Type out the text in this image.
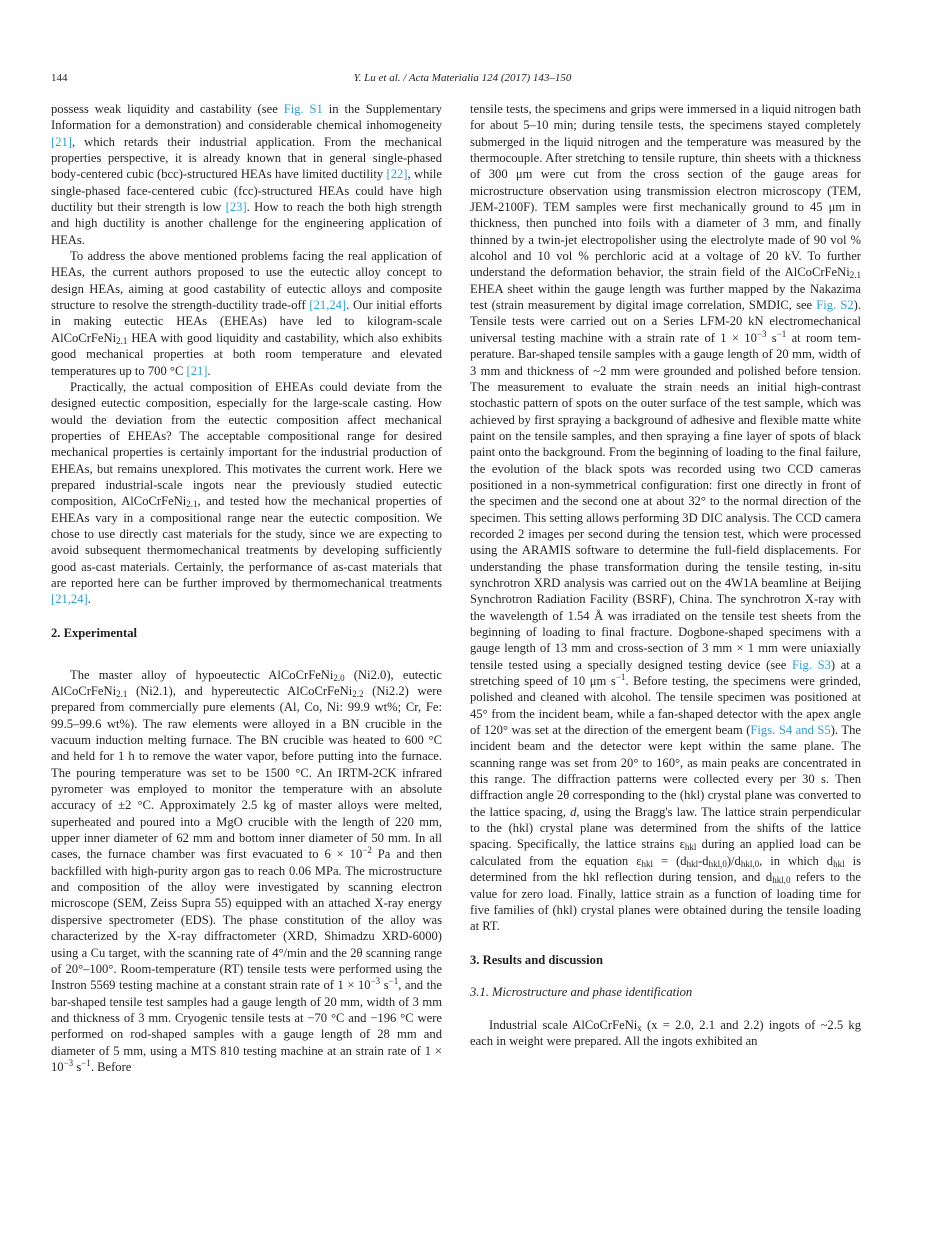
144	Y. Lu et al. / Acta Materialia 124 (2017) 143–150

possess weak liquidity and castability (see Fig. S1 in the Supplementary Information for a demonstration) and considerable chemical inhomogeneity [21], which retards their industrial application. From the mechanical properties perspective, it is already known that in general single-phased body-centered cubic (bcc)-structured HEAs have limited ductility [22], while single-phased face-centered cubic (fcc)-structured HEAs could have high ductility but their strength is low [23]. How to reach the both high strength and high ductility is another challenge for the engineering application of HEAs.

To address the above mentioned problems facing the real application of HEAs, the current authors proposed to use the eutectic alloy concept to design HEAs, aiming at good castability of eutectic alloys and composite structure to resolve the strength-ductility trade-off [21,24]. Our initial efforts in making eutectic HEAs (EHEAs) have led to kilogram-scale AlCoCrFeNi$_{2.1}$ HEA with good liquidity and castability, which also exhibits good mechanical properties at both room temperature and elevated temperatures up to 700 °C [21].

Practically, the actual composition of EHEAs could deviate from the designed eutectic composition, especially for the large-scale casting. How would the deviation from the eutectic composition affect mechanical properties of EHEAs? The acceptable compositional range for desired mechanical properties is certainly important for the industrial production of EHEAs, but remains unexplored. This motivates the current work. Here we prepared industrial-scale ingots near the previously studied eutectic composition, AlCoCrFeNi$_{2.1}$, and tested how the mechanical properties of EHEAs vary in a compositional range near the eutectic composition. We chose to use directly cast materials for the study, since we are expecting to avoid subsequent thermomechanical treatments by developing sufficiently good as-cast materials. Certainly, the performance of as-cast materials that are reported here can be further improved by thermomechanical treatments [21,24].

2. Experimental

The master alloy of hypoeutectic AlCoCrFeNi$_{2.0}$ (Ni2.0), eutectic AlCoCrFeNi$_{2.1}$ (Ni2.1), and hypereutectic AlCoCrFeNi$_{2.2}$ (Ni2.2) were prepared from commercially pure elements (Al, Co, Ni: 99.9 wt%; Cr, Fe: 99.5–99.6 wt%). The raw elements were alloyed in a BN crucible in the vacuum induction melting furnace. The BN crucible was heated to 600 °C and held for 1 h to remove the water vapor, before putting into the furnace. The pouring temperature was set to be 1500 °C. An IRTM-2CK infrared pyrometer was employed to monitor the temperature with an absolute accuracy of ±2 °C. Approximately 2.5 kg of master alloys were melted, superheated and poured into a MgO crucible with the length of 220 mm, upper inner diameter of 62 mm and bottom inner diameter of 50 mm. In all cases, the furnace chamber was first evacuated to $6 \times 10^{-2}$ Pa and then backfilled with high-purity argon gas to reach 0.06 MPa. The microstructure and composition of the alloy were investigated by scanning electron microscope (SEM, Zeiss Supra 55) equipped with an attached X-ray energy dispersive spectrometer (EDS). The phase constitution of the alloy was characterized by the X-ray diffractometer (XRD, Shimadzu XRD-6000) using a Cu target, with the scanning rate of 4°/min and the 2θ scanning range of 20°–100°. Room-temperature (RT) tensile tests were performed using the Instron 5569 testing machine at a constant strain rate of $1 \times 10^{-3}$ $s^{-1}$, and the bar-shaped tensile test samples had a gauge length of 20 mm, width of 3 mm and thickness of 3 mm. Cryogenic tensile tests at −70 °C and −196 °C were performed on rod-shaped samples with a gauge length of 28 mm and diameter of 5 mm, using a MTS 810 testing machine at an strain rate of $1 \times 10^{-3}$ $s^{-1}$. Before

tensile tests, the specimens and grips were immersed in a liquid nitrogen bath for about 5–10 min; during tensile tests, the specimens stayed completely submerged in the liquid nitrogen and the temperature was measured by the thermocouple. After stretching to tensile rupture, thin sheets with a thickness of 300 μm were cut from the cross section of the gauge areas for microstructure observation using transmission electron microscopy (TEM, JEM-2100F). TEM samples were first mechanically ground to 45 μm in thickness, then punched into foils with a diameter of 3 mm, and finally thinned by a twin-jet electropolisher using the electrolyte made of 90 vol % alcohol and 10 vol % perchloric acid at a voltage of 20 kV. To further understand the deformation behavior, the strain field of the AlCoCrFeNi$_{2.1}$ EHEA sheet within the gauge length was further mapped by the Nakazima test (strain measurement by digital image correlation, SMDIC, see Fig. S2). Tensile tests were carried out on a Series LFM-20 kN electromechanical universal testing machine with a strain rate of $1 \times 10^{-3}$ $s^{-1}$ at room temperature. Bar-shaped tensile samples with a gauge length of 20 mm, width of 3 mm and thickness of ~2 mm were grounded and polished before tension. The measurement to evaluate the strain needs an initial high-contrast stochastic pattern of spots on the outer surface of the test sample, which was achieved by first spraying a background of adhesive and flexible matte white paint on the tensile samples, and then spraying a fine layer of spots of black paint onto the background. From the beginning of loading to the final failure, the evolution of the black spots was recorded using two CCD cameras positioned in a non-symmetrical configuration: first one directly in front of the specimen and the second one at about 32° to the normal direction of the specimen. This setting allows performing 3D DIC analysis. The CCD camera recorded 2 images per second during the tension test, which were processed using the ARAMIS software to determine the full-field displacements. For understanding the phase transformation during the tensile testing, in-situ synchrotron XRD analysis was carried out on the 4W1A beamline at Beijing Synchrotron Radiation Facility (BSRF), China. The synchrotron X-ray with the wavelength of 1.54 Å was irradiated on the tensile test sheets from the beginning of loading to final fracture. Dogbone-shaped specimens with a gauge length of 13 mm and cross-section of 3 mm × 1 mm were uniaxially tensile tested using a specially designed testing device (see Fig. S3) at a stretching speed of 10 μm $s^{-1}$. Before testing, the specimens were grinded, polished and cleaned with alcohol. The tensile specimen was positioned at 45° from the incident beam, while a fan-shaped detector with the apex angle of 120° was set at the direction of the emergent beam (Figs. S4 and S5). The incident beam and the detector were kept within the same plane. The scanning range was set from 20° to 160°, as main peaks are concentrated in this range. The diffraction patterns were collected every per 30 s. Then diffraction angle 2θ corresponding to the (hkl) crystal plane was converted to the lattice spacing, d, using the Bragg's law. The lattice strain perpendicular to the (hkl) crystal plane was determined from the shifts of the lattice spacing. Specifically, the lattice strains $\varepsilon_{hkl}$ during an applied load can be calculated from the equation $\varepsilon_{hkl} = (d_{hkl}-d_{hkl,0})/d_{hkl,0}$, in which $d_{hkl}$ is determined from the hkl reflection during tension, and $d_{hkl,0}$ refers to the value for zero load. Finally, lattice strain as a function of loading time for five families of (hkl) crystal planes were obtained during the tensile loading at RT.

3. Results and discussion
3.1. Microstructure and phase identification

Industrial scale AlCoCrFeNi$_x$ (x = 2.0, 2.1 and 2.2) ingots of ~2.5 kg each in weight were prepared. All the ingots exhibited an
